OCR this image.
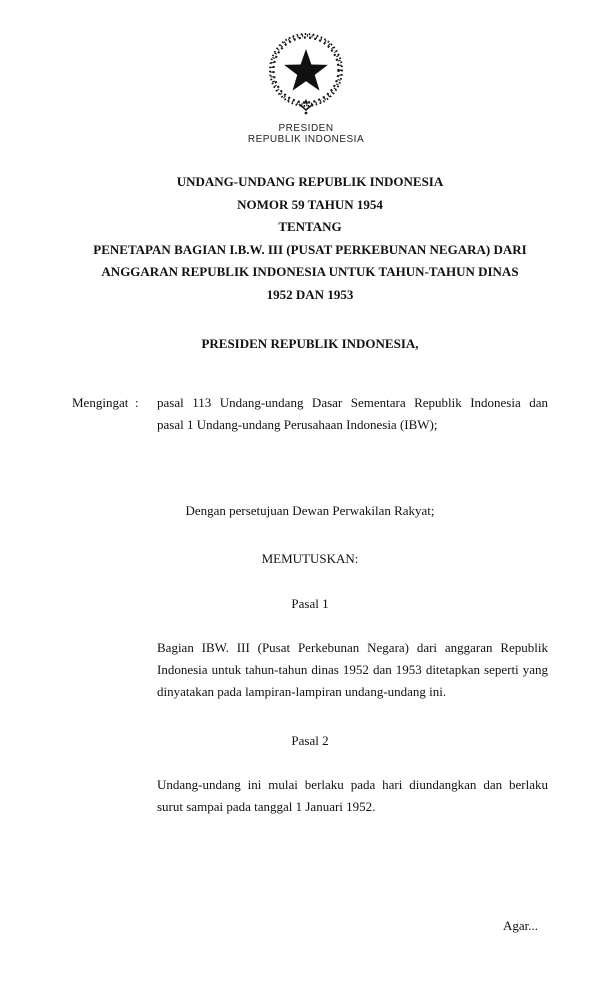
PRESIDEN
REPUBLIK INDONESIA
UNDANG-UNDANG REPUBLIK INDONESIA
NOMOR 59 TAHUN 1954
TENTANG
PENETAPAN BAGIAN I.B.W. III (PUSAT PERKEBUNAN NEGARA) DARI
ANGGARAN REPUBLIK INDONESIA UNTUK TAHUN-TAHUN DINAS
1952 DAN 1953
PRESIDEN REPUBLIK INDONESIA,
Mengingat :	pasal 113 Undang-undang Dasar Sementara Republik Indonesia dan
pasal 1 Undang-undang Perusahaan Indonesia (IBW);
Dengan persetujuan Dewan Perwakilan Rakyat;
MEMUTUSKAN:
Pasal 1
Bagian IBW. III (Pusat Perkebunan Negara) dari anggaran Republik
Indonesia untuk tahun-tahun dinas 1952 dan 1953 ditetapkan seperti yang
dinyatakan pada lampiran-lampiran undang-undang ini.
Pasal 2
Undang-undang ini mulai berlaku pada hari diundangkan dan berlaku
surut sampai pada tanggal 1 Januari 1952.
Agar...
